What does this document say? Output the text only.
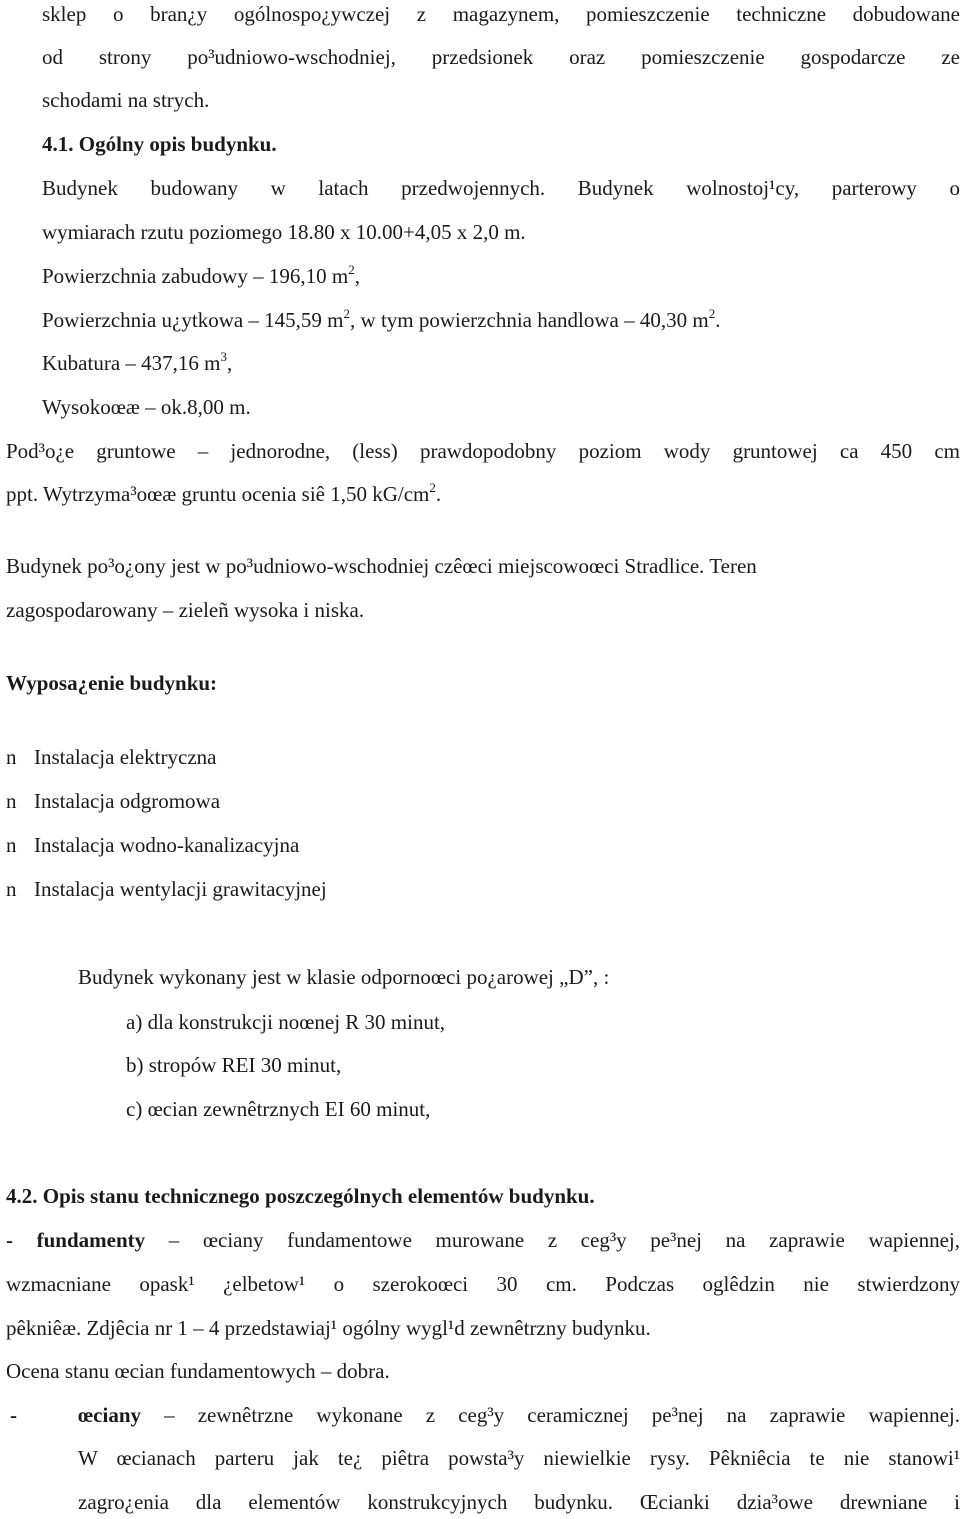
sklep o bran¿y ogólnospo¿ywczej z magazynem, pomieszczenie techniczne dobudowane
od strony po³udniowo-wschodniej, przedsionek oraz pomieszczenie gospodarcze ze
schodami na strych.
4.1. Ogólny opis budynku.
Budynek budowany w latach przedwojennych. Budynek wolnostoj¹cy, parterowy o
wymiarach rzutu poziomego 18.80 x 10.00+4,05 x 2,0 m.
Powierzchnia zabudowy – 196,10 $m^2$,
Powierzchnia u¿ytkowa – 145,59 $m^2$, w tym powierzchnia handlowa – 40,30 $m^2$.
Kubatura – 437,16 $m^3$,
Wysokoœæ – ok.8,00 m.
Pod³o¿e gruntowe – jednorodne, (less) prawdopodobny poziom wody gruntowej ca 450 cm
ppt. Wytrzyma³oœæ gruntu ocenia siê 1,50 $kG/cm^2$.
Budynek po³o¿ony jest w po³udniowo-wschodniej czêœci miejscowoœci Stradlice. Teren
zagospodarowany – zieleñ wysoka i niska.
Wyposa¿enie budynku:
n Instalacja elektryczna
n Instalacja odgromowa
n Instalacja wodno-kanalizacyjna
n Instalacja wentylacji grawitacyjnej
Budynek wykonany jest w klasie odpornoœci po¿arowej „D”, :
a) dla konstrukcji noœnej R 30 minut,
b) stropów REI 30 minut,
c) œcian zewnêtrznych EI 60 minut,
4.2. Opis stanu technicznego poszczególnych elementów budynku.
- fundamenty – œciany fundamentowe murowane z ceg³y pe³nej na zaprawie wapiennej,
wzmacniane opask¹ ¿elbetow¹ o szerokoœci 30 cm. Podczas oglêdzin nie stwierdzony
pêkniêæ. Zdjêcia nr 1 – 4 przedstawiaj¹ ogólny wygl¹d zewnêtrzny budynku.
Ocena stanu œcian fundamentowych – dobra.
-	œciany – zewnêtrzne wykonane z ceg³y ceramicznej pe³nej na zaprawie wapiennej.
W œcianach parteru jak te¿ piêtra powsta³y niewielkie rysy. Pêkniêcia te nie stanowi¹
zagro¿enia dla elementów konstrukcyjnych budynku. Œcianki dzia³owe drewniane i
